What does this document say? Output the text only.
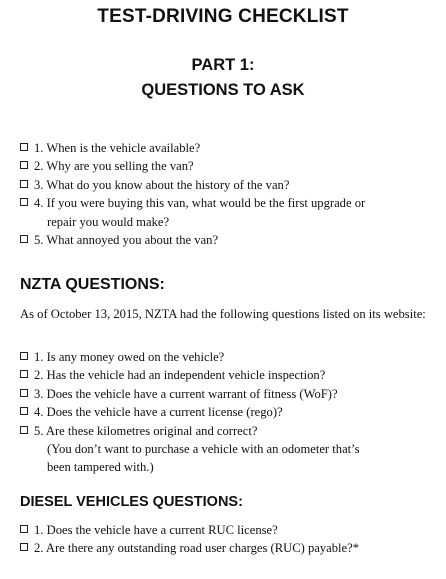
TEST-DRIVING CHECKLIST
PART 1:
QUESTIONS TO ASK
1. When is the vehicle available?
2. Why are you selling the van?
3. What do you know about the history of the van?
4. If you were buying this van, what would be the first upgrade or
repair you would make?
5. What annoyed you about the van?
NZTA QUESTIONS:

As of October 13, 2015, NZTA had the following questions listed on its website:

1. Is any money owed on the vehicle?
2. Has the vehicle had an independent vehicle inspection?
3. Does the vehicle have a current warrant of fitness (WoF)?
4. Does the vehicle have a current license (rego)?
5. Are these kilometres original and correct?
(You don’t want to purchase a vehicle with an odometer that’s
been tampered with.)
DIESEL VEHICLES QUESTIONS:
1. Does the vehicle have a current RUC license?
2. Are there any outstanding road user charges (RUC) payable?*
